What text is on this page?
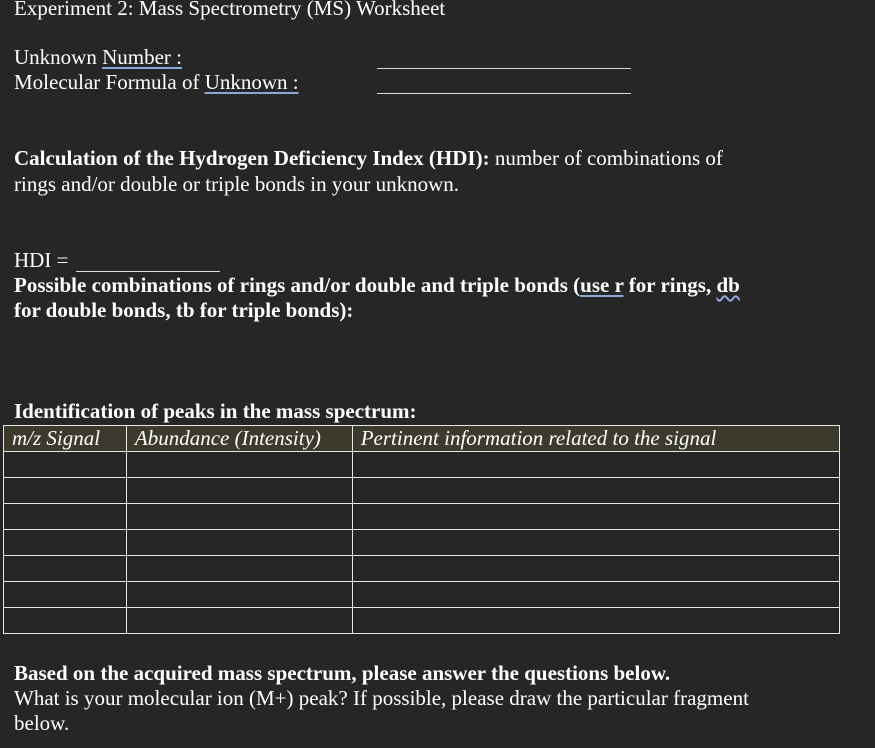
Experiment 2: Mass Spectrometry (MS) Worksheet
Unknown Number :
Molecular Formula of Unknown :
Calculation of the Hydrogen Deficiency Index (HDI): number of combinations of
rings and/or double or triple bonds in your unknown.
HDI =
Possible combinations of rings and/or double and triple bonds (use r for rings, db
for double bonds, tb for triple bonds):
Identification of peaks in the mass spectrum:
m/z Signal	Abundance (Intensity)	Pertinent information related to the signal

Based on the acquired mass spectrum, please answer the questions below.
What is your molecular ion (M+) peak? If possible, please draw the particular fragment
below.
